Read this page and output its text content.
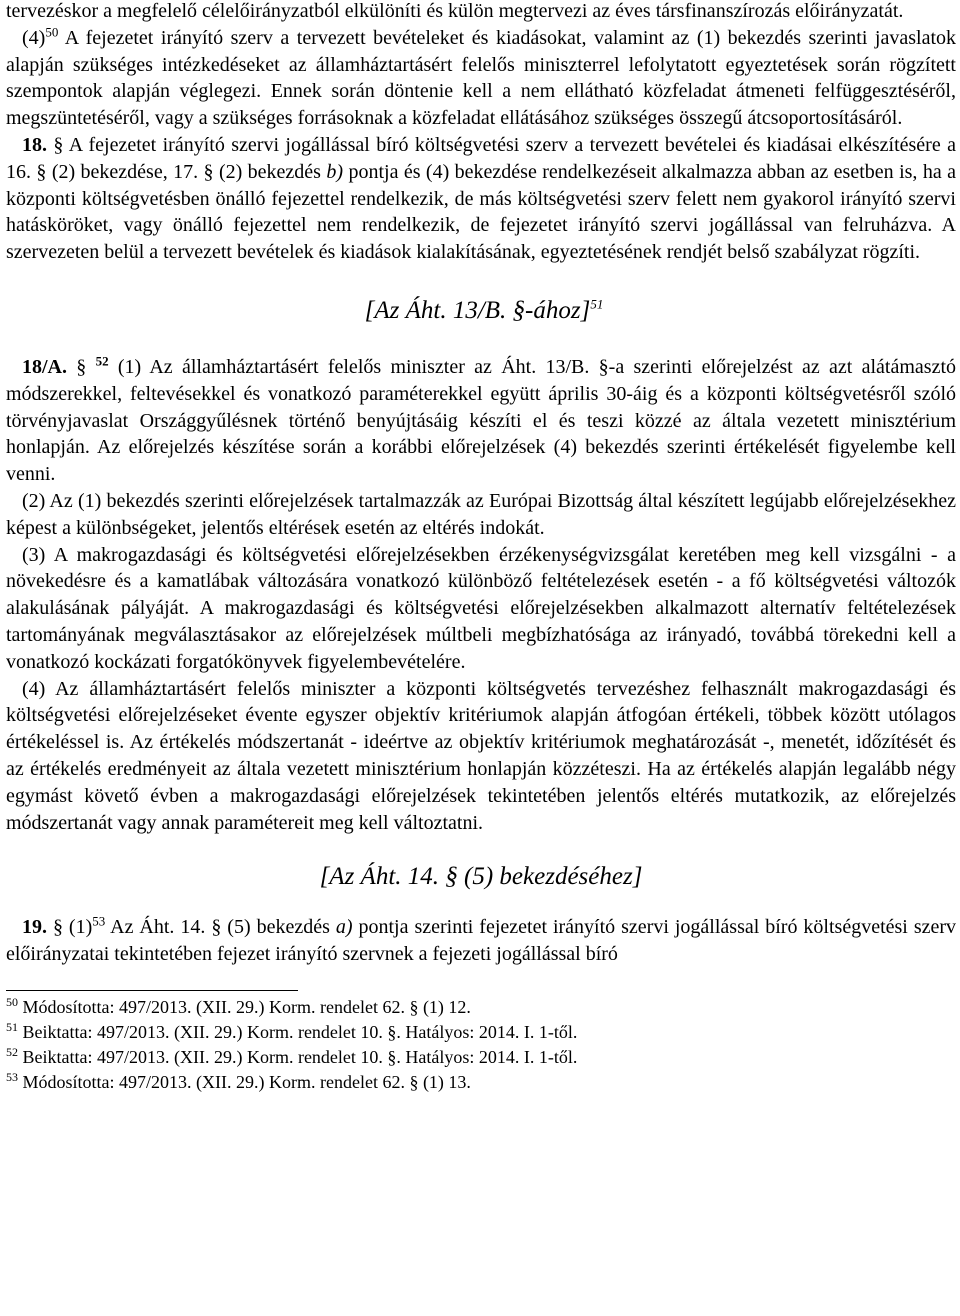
tervezéskor a megfelelő célelőirányzatból elkülöníti és külön megtervezi az éves társfinanszírozás előirányzatát.

$(4)^{50}$ A fejezetet irányító szerv a tervezett bevételeket és kiadásokat, valamint az (1) bekezdés szerinti javaslatok alapján szükséges intézkedéseket az államháztartásért felelős miniszterrel lefolytatott egyeztetések során rögzített szempontok alapján véglegezi. Ennek során döntenie kell a nem ellátható közfeladat átmeneti felfüggesztéséről, megszüntetéséről, vagy a szükséges forrásoknak a közfeladat ellátásához szükséges összegű átcsoportosításáról.

18. § A fejezetet irányító szervi jogállással bíró költségvetési szerv a tervezett bevételei és kiadásai elkészítésére a 16. § (2) bekezdése, 17. § (2) bekezdés b) pontja és (4) bekezdése rendelkezéseit alkalmazza abban az esetben is, ha a központi költségvetésben önálló fejezettel rendelkezik, de más költségvetési szerv felett nem gyakorol irányító szervi hatásköröket, vagy önálló fejezettel nem rendelkezik, de fejezetet irányító szervi jogállással van felruházva. A szervezeten belül a tervezett bevételek és kiadások kialakításának, egyeztetésének rendjét belső szabályzat rögzíti.

[Az Áht. 13/B. §-ához]$^{51}$

18/A. § $^{52}$ (1) Az államháztartásért felelős miniszter az Áht. 13/B. §-a szerinti előrejelzést az azt alátámasztó módszerekkel, feltevésekkel és vonatkozó paraméterekkel együtt április 30-áig és a központi költségvetésről szóló törvényjavaslat Országgyűlésnek történő benyújtásáig készíti el és teszi közzé az általa vezetett minisztérium honlapján. Az előrejelzés készítése során a korábbi előrejelzések (4) bekezdés szerinti értékelését figyelembe kell venni.

(2) Az (1) bekezdés szerinti előrejelzések tartalmazzák az Európai Bizottság által készített legújabb előrejelzésekhez képest a különbségeket, jelentős eltérések esetén az eltérés indokát.

(3) A makrogazdasági és költségvetési előrejelzésekben érzékenységvizsgálat keretében meg kell vizsgálni - a növekedésre és a kamatlábak változására vonatkozó különböző feltételezések esetén - a fő költségvetési változók alakulásának pályáját. A makrogazdasági és költségvetési előrejelzésekben alkalmazott alternatív feltételezések tartományának megválasztásakor az előrejelzések múltbeli megbízhatósága az irányadó, továbbá törekedni kell a vonatkozó kockázati forgatókönyvek figyelembevételére.

(4) Az államháztartásért felelős miniszter a központi költségvetés tervezéshez felhasznált makrogazdasági és költségvetési előrejelzéseket évente egyszer objektív kritériumok alapján átfogóan értékeli, többek között utólagos értékeléssel is. Az értékelés módszertanát - ideértve az objektív kritériumok meghatározását -, menetét, időzítését és az értékelés eredményeit az általa vezetett minisztérium honlapján közzéteszi. Ha az értékelés alapján legalább négy egymást követő évben a makrogazdasági előrejelzések tekintetében jelentős eltérés mutatkozik, az előrejelzés módszertanát vagy annak paramétereit meg kell változtatni.

[Az Áht. 14. § (5) bekezdéséhez]

19. § $(1)^{53}$ Az Áht. 14. § (5) bekezdés a) pontja szerinti fejezetet irányító szervi jogállással bíró költségvetési szerv előirányzatai tekintetében fejezet irányító szervnek a fejezeti jogállással bíró

$^{50}$ Módosította: 497/2013. (XII. 29.) Korm. rendelet 62. § (1) 12.

$^{51}$ Beiktatta: 497/2013. (XII. 29.) Korm. rendelet 10. §. Hatályos: 2014. I. 1-től.

$^{52}$ Beiktatta: 497/2013. (XII. 29.) Korm. rendelet 10. §. Hatályos: 2014. I. 1-től.

$^{53}$ Módosította: 497/2013. (XII. 29.) Korm. rendelet 62. § (1) 13.
